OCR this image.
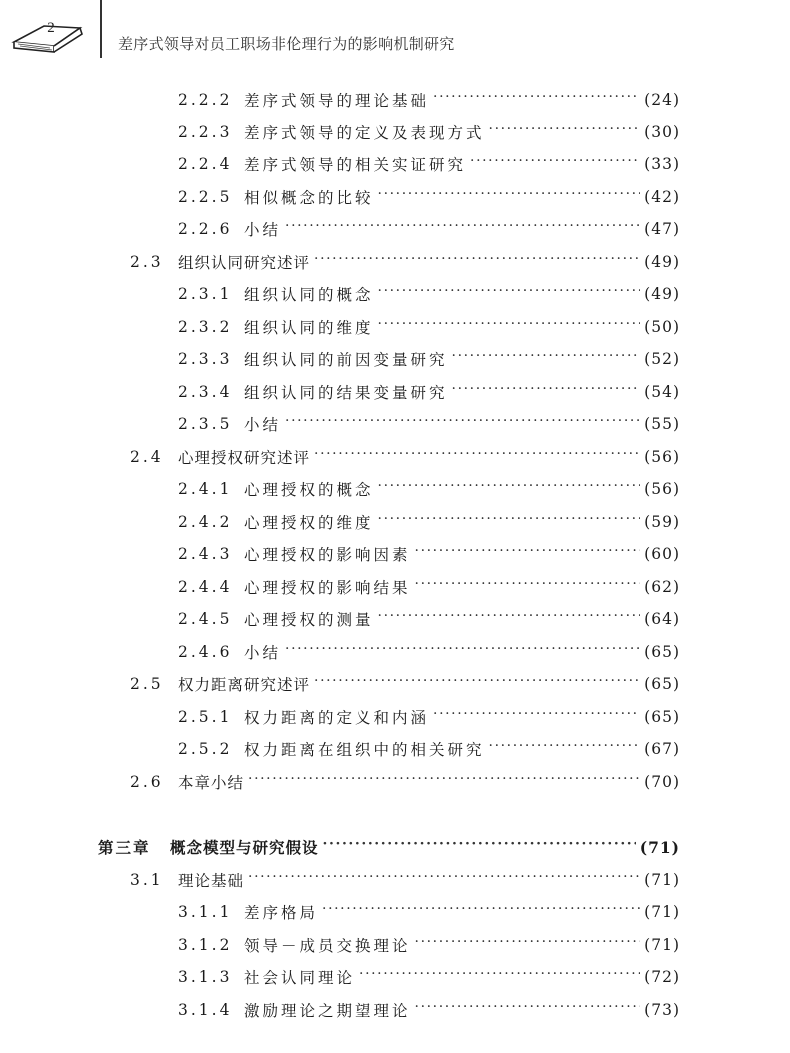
2
差序式领导对员工职场非伦理行为的影响机制研究
2.2.2 差序式领导的理论基础 ·····	(24)
2.2.3 差序式领导的定义及表现方式 ·····	(30)
2.2.4 差序式领导的相关实证研究 ·····	(33)
2.2.5 相似概念的比较 ·····	(42)
2.2.6 小结 ·····	(47)
2.3 组织认同研究述评 ·····	(49)
2.3.1 组织认同的概念 ·····	(49)
2.3.2 组织认同的维度 ·····	(50)
2.3.3 组织认同的前因变量研究 ·····	(52)
2.3.4 组织认同的结果变量研究 ·····	(54)
2.3.5 小结 ·····	(55)
2.4 心理授权研究述评 ·····	(56)
2.4.1 心理授权的概念 ·····	(56)
2.4.2 心理授权的维度 ·····	(59)
2.4.3 心理授权的影响因素 ·····	(60)
2.4.4 心理授权的影响结果 ·····	(62)
2.4.5 心理授权的测量 ·····	(64)
2.4.6 小结 ·····	(65)
2.5 权力距离研究述评 ·····	(65)
2.5.1 权力距离的定义和内涵 ·····	(65)
2.5.2 权力距离在组织中的相关研究 ·····	(67)
2.6 本章小结 ·····	(70)
第三章	概念模型与研究假设 ·····	(71)
3.1 理论基础 ·····	(71)
3.1.1 差序格局 ·····	(71)
3.1.2 领导－成员交换理论 ·····	(71)
3.1.3 社会认同理论 ·····	(72)
3.1.4 激励理论之期望理论 ·····	(73)
